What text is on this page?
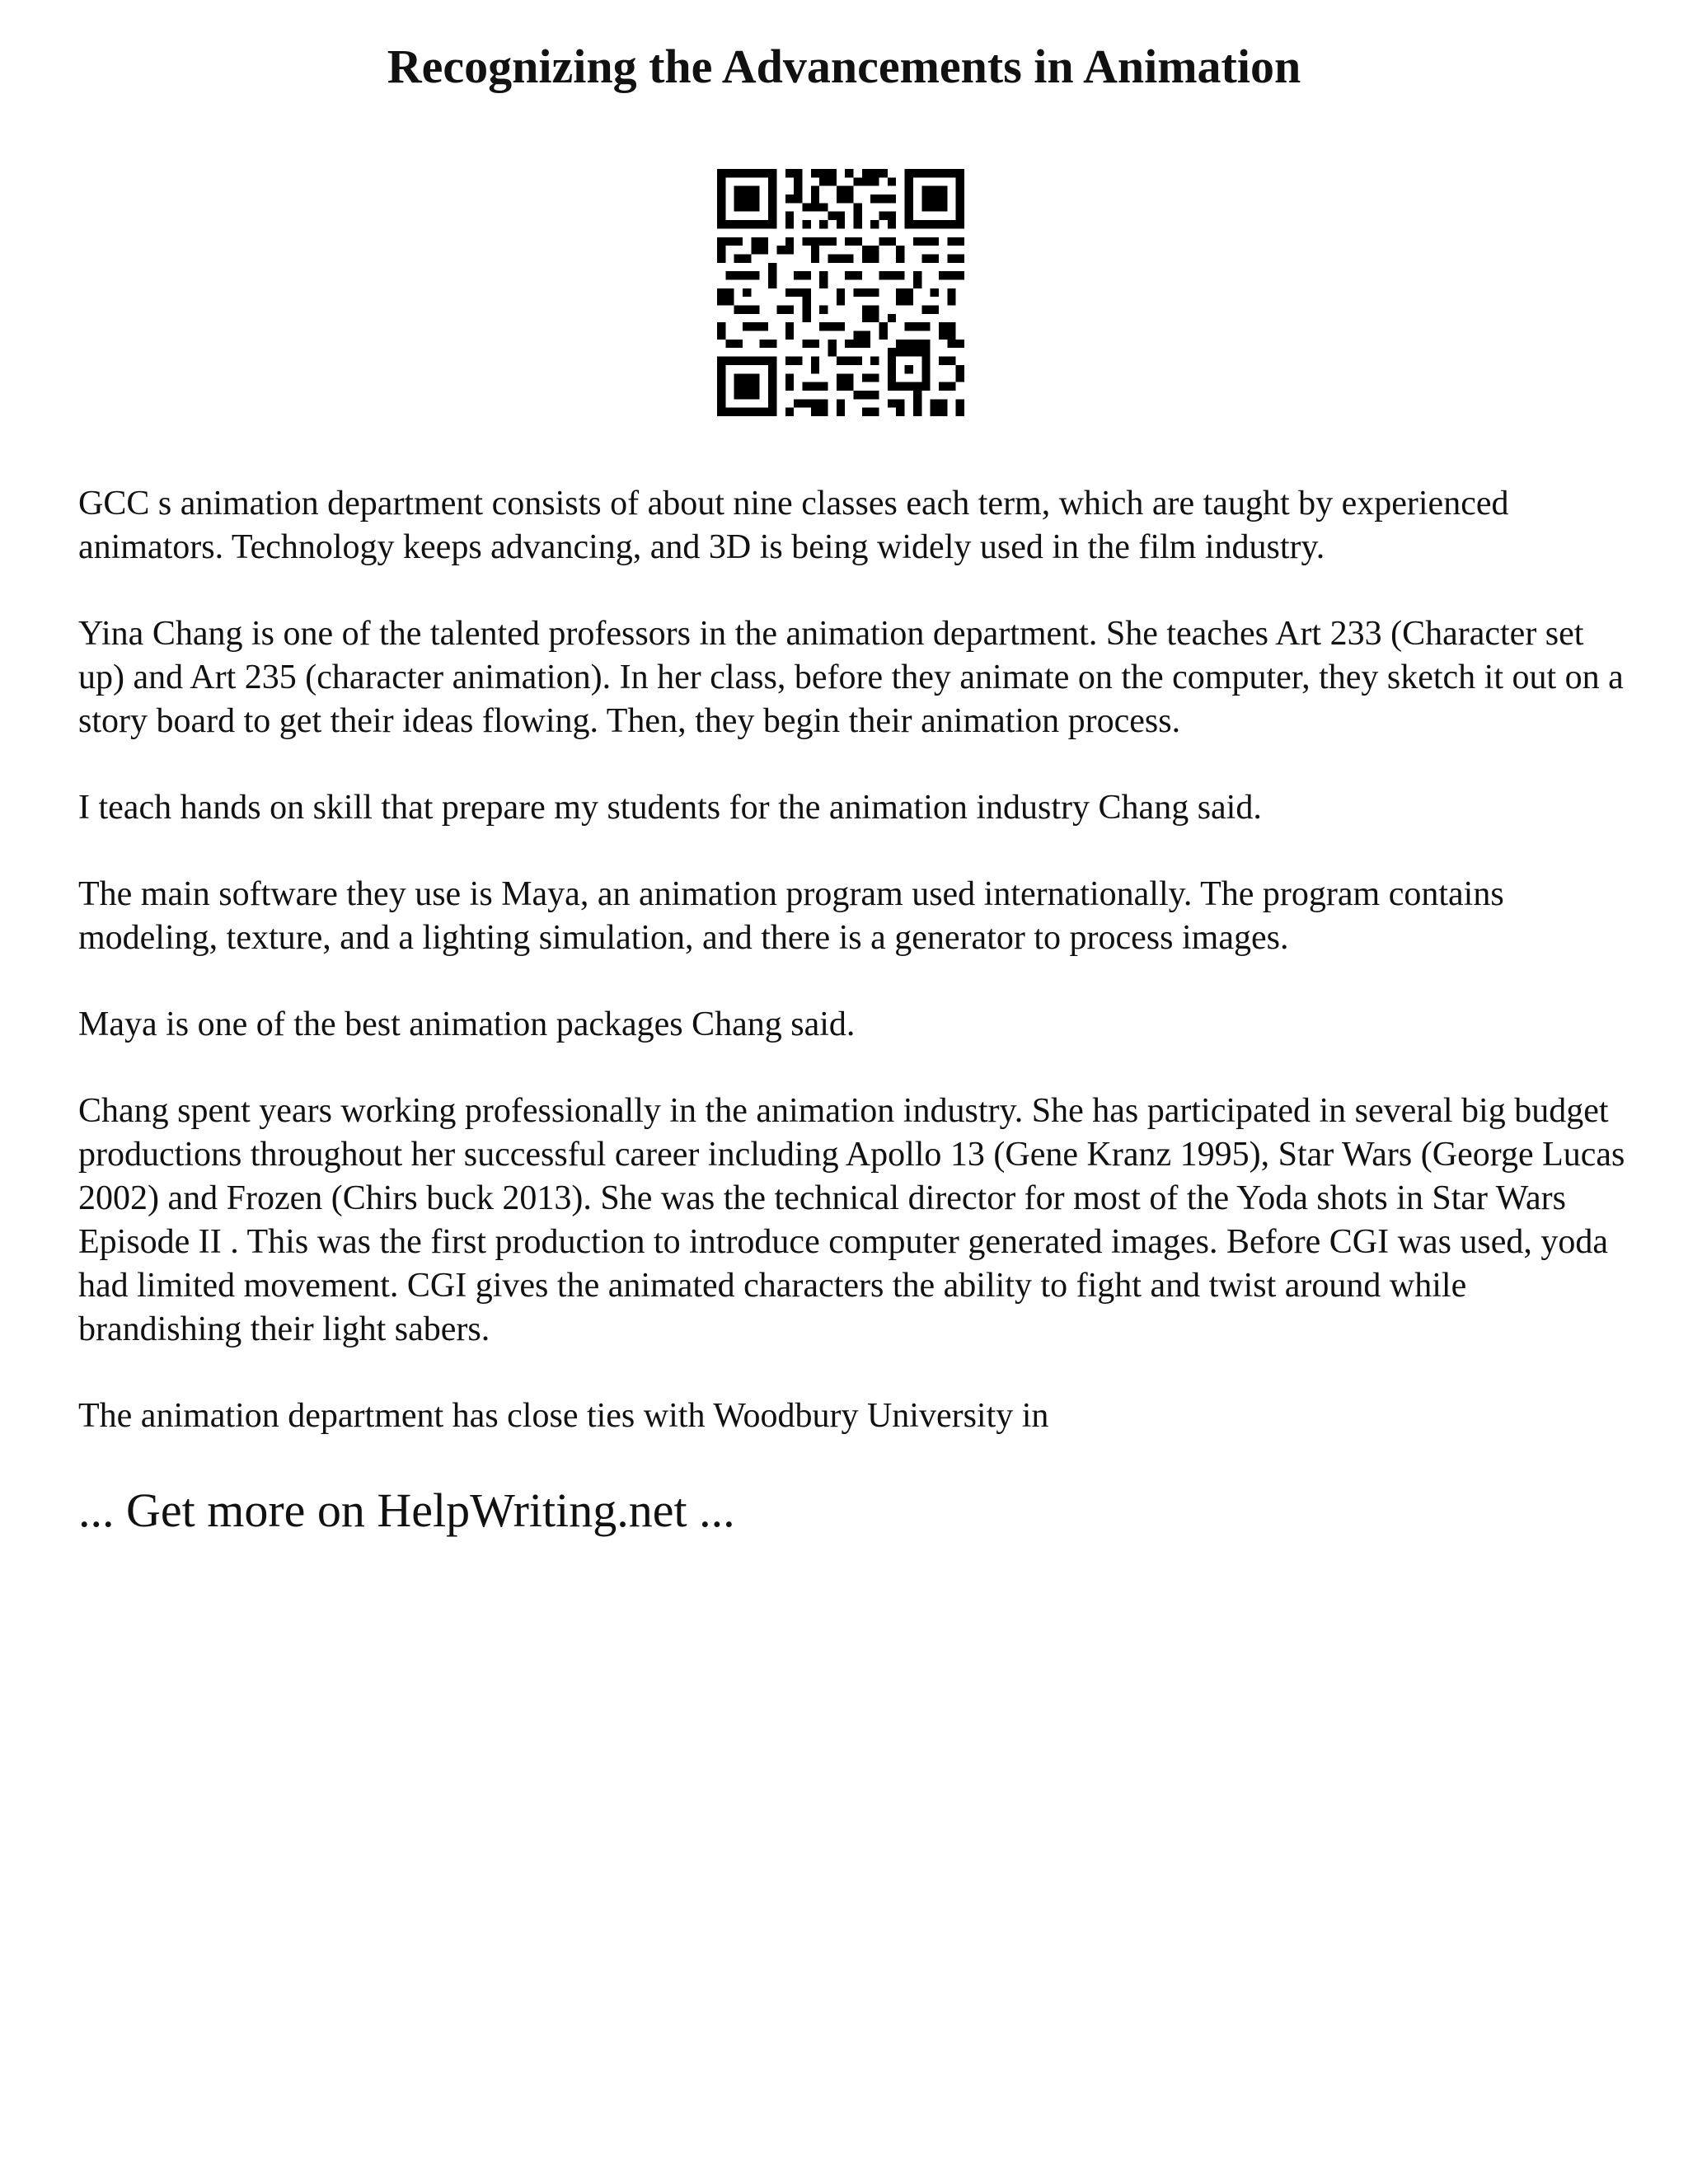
Recognizing the Advancements in Animation

GCC s animation department consists of about nine classes each term, which are taught by experienced animators. Technology keeps advancing, and 3D is being widely used in the film industry.

Yina Chang is one of the talented professors in the animation department. She teaches Art 233 (Character set up) and Art 235 (character animation). In her class, before they animate on the computer, they sketch it out on a story board to get their ideas flowing. Then, they begin their animation process.

I teach hands on skill that prepare my students for the animation industry Chang said.

The main software they use is Maya, an animation program used internationally. The program contains modeling, texture, and a lighting simulation, and there is a generator to process images.

Maya is one of the best animation packages Chang said.

Chang spent years working professionally in the animation industry. She has participated in several big budget productions throughout her successful career including Apollo 13 (Gene Kranz 1995), Star Wars (George Lucas 2002) and Frozen (Chirs buck 2013). She was the technical director for most of the Yoda shots in Star Wars Episode II . This was the first production to introduce computer generated images. Before CGI was used, yoda had limited movement. CGI gives the animated characters the ability to fight and twist around while brandishing their light sabers.

The animation department has close ties with Woodbury University in

... Get more on HelpWriting.net ...
